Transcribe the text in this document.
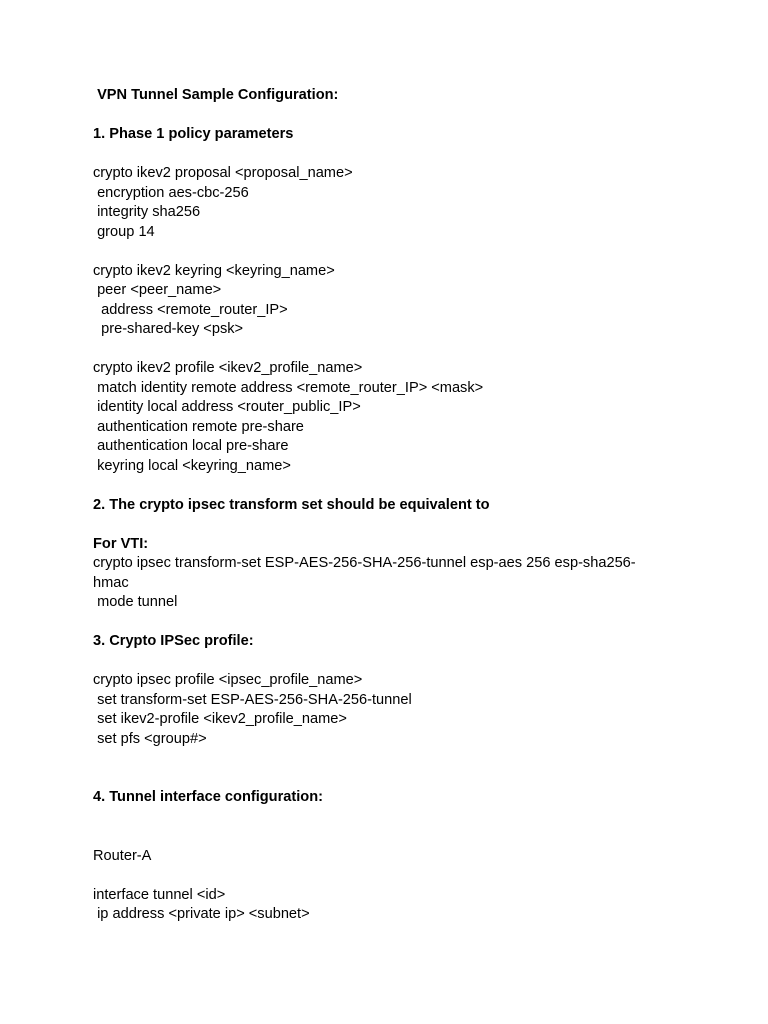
VPN Tunnel Sample Configuration:
1. Phase 1 policy parameters
crypto ikev2 proposal <proposal_name>
encryption aes-cbc-256
integrity sha256
group 14
crypto ikev2 keyring <keyring_name>
peer <peer_name>
address <remote_router_IP>
pre-shared-key <psk>
crypto ikev2 profile <ikev2_profile_name>
match identity remote address <remote_router_IP> <mask>
identity local address <router_public_IP>
authentication remote pre-share
authentication local pre-share
keyring local <keyring_name>
2. The crypto ipsec transform set should be equivalent to
For VTI:
crypto ipsec transform-set ESP-AES-256-SHA-256-tunnel esp-aes 256 esp-sha256-
hmac
mode tunnel
3. Crypto IPSec profile:
crypto ipsec profile <ipsec_profile_name>
set transform-set ESP-AES-256-SHA-256-tunnel
set ikev2-profile <ikev2_profile_name>
set pfs <group#>
4. Tunnel interface configuration:
Router-A
interface tunnel <id>
ip address <private ip> <subnet>
